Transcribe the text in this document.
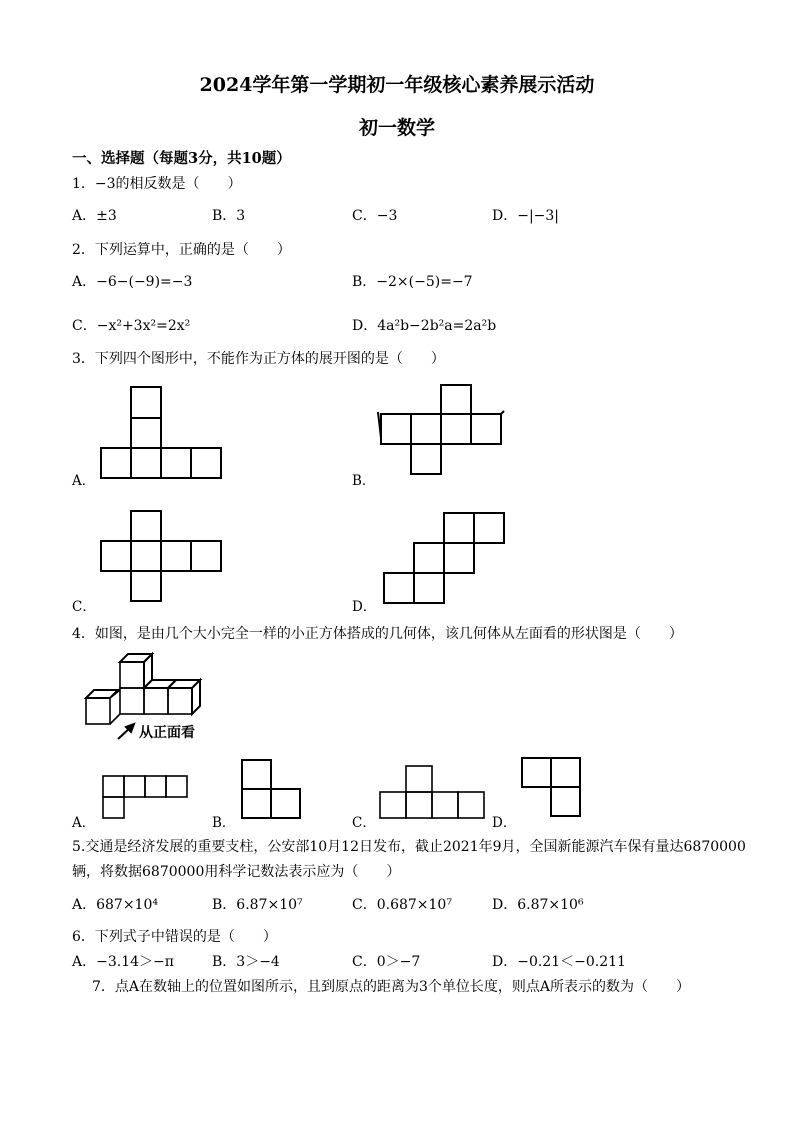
2024学年第一学期初一年级核心素养展示活动
初一数学
一、选择题（每题3分，共10题）
1．−3的相反数是（　　）
A．±3	B．3	C．−3	D．−|−3|
2．下列运算中，正确的是（　　）
A．−6−(−9)=−3	B．−2×(−5)=−7
C．−x²+3x²=2x²	D．4a²b−2b²a=2a²b
3．下列四个图形中，不能作为正方体的展开图的是（　　）
A．	B．
C．	D．
4．如图，是由几个大小完全一样的小正方体搭成的几何体，该几何体从左面看的形状图是（　　）
从正面看
A．	B．	C．	D．
5.交通是经济发展的重要支柱，公安部10月12日发布，截止2021年9月，全国新能源汽车保有量达6870000
辆，将数据6870000用科学记数法表示应为（　　）
A．687×10⁴	B．6.87×10⁷	C．0.687×10⁷	D．6.87×10⁶
6．下列式子中错误的是（　　）
A．−3.14＞−π	B．3＞−4	C．0＞−7	D．−0.21＜−0.211
7．点A在数轴上的位置如图所示，且到原点的距离为3个单位长度，则点A所表示的数为（　　）
